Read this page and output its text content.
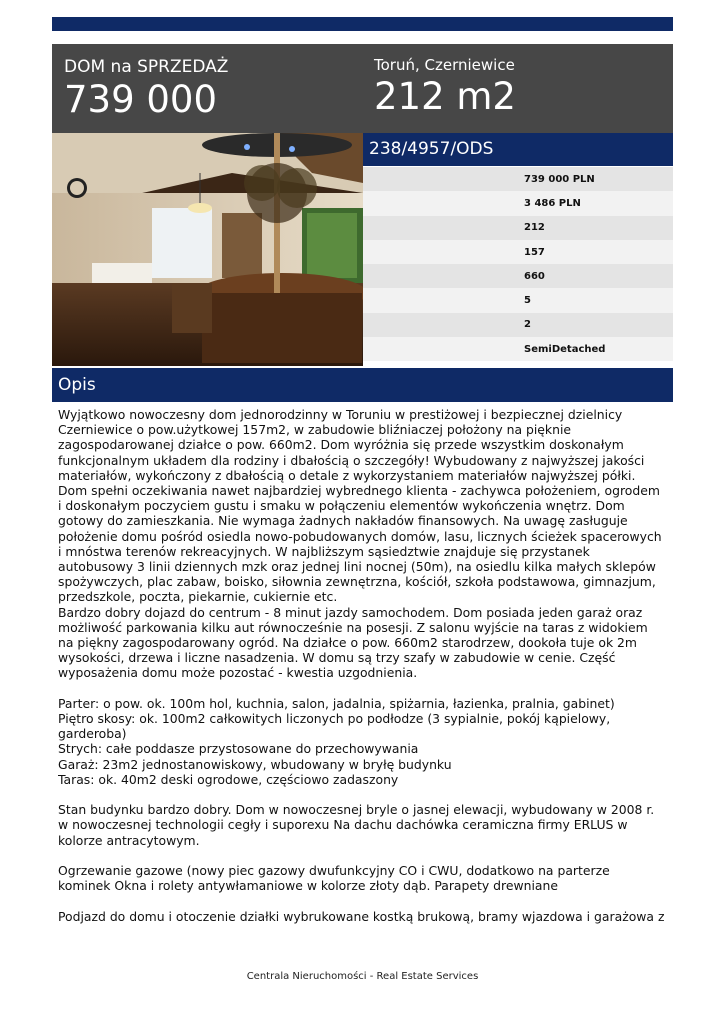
DOM na SPRZEDAŻ
739 000
Toruń, Czerniewice
212 m2
238/4957/ODS
739 000 PLN
3 486 PLN
212
157
660
5
2
SemiDetached
Opis

Wyjątkowo nowoczesny dom jednorodzinny w Toruniu w prestiżowej i bezpiecznej dzielnicy Czerniewice o pow.użytkowej 157m2, w zabudowie bliźniaczej położony na pięknie zagospodarowanej działce o pow. 660m2. Dom wyróżnia się przede wszystkim doskonałym funkcjonalnym układem dla rodziny i dbałością o szczegóły! Wybudowany z najwyższej jakości materiałów, wykończony z dbałością o detale z wykorzystaniem materiałów najwyższej półki. Dom spełni oczekiwania nawet najbardziej wybrednego klienta - zachywca położeniem, ogrodem i doskonałym poczyciem gustu i smaku w połączeniu elementów wykończenia wnętrz. Dom gotowy do zamieszkania. Nie wymaga żadnych nakładów finansowych. Na uwagę zasługuje położenie domu pośród osiedla nowo-pobudowanych domów, lasu, licznych ścieżek spacerowych i mnóstwa terenów rekreacyjnych. W najbliższym sąsiedztwie znajduje się przystanek autobusowy 3 linii dziennych mzk oraz jednej lini nocnej (50m), na osiedlu kilka małych sklepów spożywczych, plac zabaw, boisko, siłownia zewnętrzna, kościół, szkoła podstawowa, gimnazjum, przedszkole, poczta, piekarnie, cukiernie etc.
Bardzo dobry dojazd do centrum - 8 minut jazdy samochodem. Dom posiada jeden garaż oraz możliwość parkowania kilku aut równocześnie na posesji. Z salonu wyjście na taras z widokiem na piękny zagospodarowany ogród. Na działce o pow. 660m2 starodrzew, dookoła tuje ok 2m wysokości, drzewa i liczne nasadzenia. W domu są trzy szafy w zabudowie w cenie. Część wyposażenia domu może pozostać - kwestia uzgodnienia.

Parter: o pow. ok. 100m hol, kuchnia, salon, jadalnia, spiżarnia, łazienka, pralnia, gabinet)
Piętro skosy: ok. 100m2 całkowitych liczonych po podłodze (3 sypialnie, pokój kąpielowy, garderoba)
Strych: całe poddasze przystosowane do przechowywania
Garaż: 23m2 jednostanowiskowy, wbudowany w bryłę budynku
Taras: ok. 40m2 deski ogrodowe, częściowo zadaszony

Stan budynku bardzo dobry. Dom w nowoczesnej bryle o jasnej elewacji, wybudowany w 2008 r. w nowoczesnej technologii cegły i suporexu Na dachu dachówka ceramiczna firmy ERLUS w kolorze antracytowym.

Ogrzewanie gazowe (nowy piec gazowy dwufunkcyjny CO i CWU, dodatkowo na parterze kominek Okna i rolety antywłamaniowe w kolorze złoty dąb. Parapety drewniane

Podjazd do domu i otoczenie działki wybrukowane kostką brukową, bramy wjazdowa i garażowa z

Centrala Nieruchomości - Real Estate Services
